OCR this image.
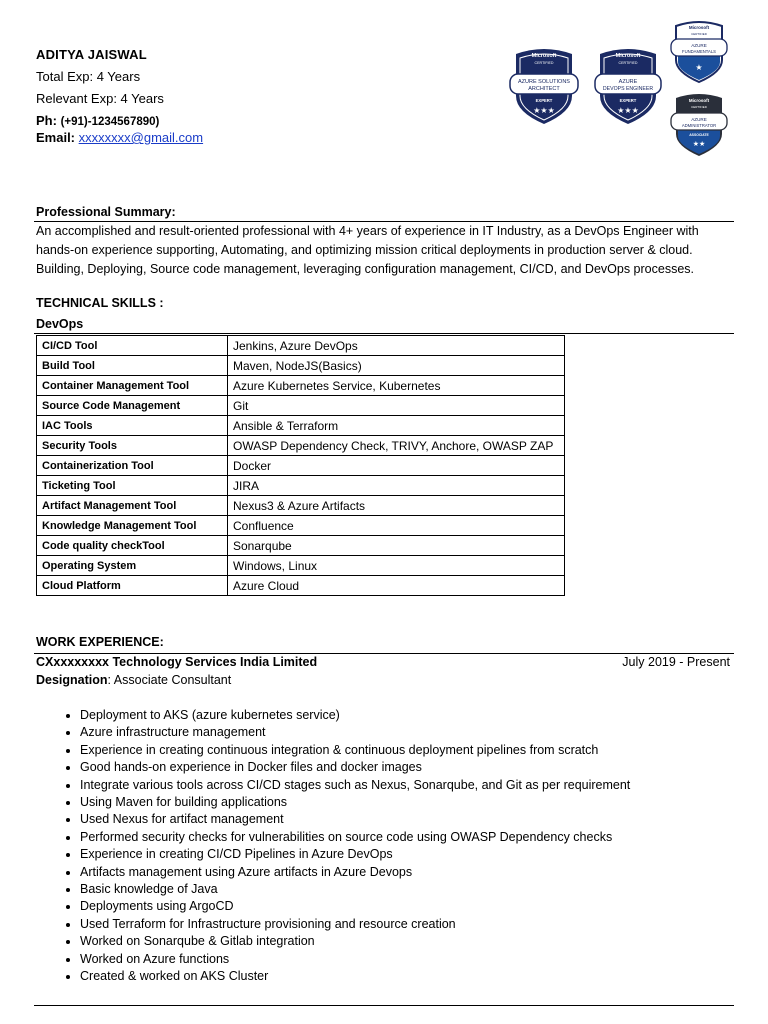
ADITYA JAISWAL
Total Exp: 4 Years
Relevant Exp: 4 Years
Ph: (+91)-1234567890)
Email: xxxxxxxx@gmail.com
Microsoft
CERTIFIED
AZURE SOLUTIONS
ARCHITECT
EXPERT
★★★
Microsoft
CERTIFIED
AZURE
DEVOPS ENGINEER
EXPERT
★★★
Microsoft
CERTIFIED
AZURE
FUNDAMENTALS
★
Microsoft
CERTIFIED
AZURE
ADMINISTRATOR
ASSOCIATE
★★
Professional Summary:
An accomplished and result-oriented professional with 4+ years of experience in IT Industry, as a DevOps Engineer with hands-on experience supporting, Automating, and optimizing mission critical deployments in production server & cloud. Building, Deploying, Source code management, leveraging configuration management, CI/CD, and DevOps processes.
TECHNICAL SKILLS :
DevOps
CI/CD Tool	Jenkins, Azure DevOps
Build Tool	Maven, NodeJS(Basics)
Container Management Tool	Azure Kubernetes Service, Kubernetes
Source Code Management	Git
IAC Tools	Ansible & Terraform
Security Tools	OWASP Dependency Check, TRIVY, Anchore, OWASP ZAP
Containerization Tool	Docker
Ticketing Tool	JIRA
Artifact Management Tool	Nexus3 & Azure Artifacts
Knowledge Management Tool	Confluence
Code quality checkTool	Sonarqube
Operating System	Windows, Linux
Cloud Platform	Azure Cloud
WORK EXPERIENCE:
CXxxxxxxxx Technology Services India Limited	July 2019 - Present
Designation: Associate Consultant
• Deployment to AKS (azure kubernetes service)
• Azure infrastructure management
• Experience in creating continuous integration & continuous deployment pipelines from scratch
• Good hands-on experience in Docker files and docker images
• Integrate various tools across CI/CD stages such as Nexus, Sonarqube, and Git as per requirement
• Using Maven for building applications
• Used Nexus for artifact management
• Performed security checks for vulnerabilities on source code using OWASP Dependency checks
• Experience in creating CI/CD Pipelines in Azure DevOps
• Artifacts management using Azure artifacts in Azure Devops
• Basic knowledge of Java
• Deployments using ArgoCD
• Used Terraform for Infrastructure provisioning and resource creation
• Worked on Sonarqube & Gitlab integration
• Worked on Azure functions
• Created & worked on AKS Cluster
